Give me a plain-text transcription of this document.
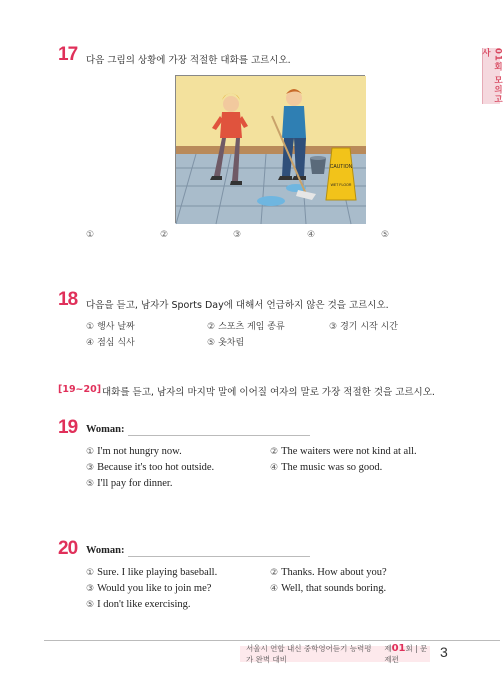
01회 모의고사
17 다음 그림의 상황에 가장 적절한 대화를 고르시오.
CAUTION
WET FLOOR
①	②	③	④	⑤
18 다음을 듣고, 남자가 Sports Day에 대해서 언급하지 않은 것을 고르시오.
① 행사 날짜	② 스포츠 게임 종류	③ 경기 시작 시간
④ 점심 식사	⑤ 옷차림
[19~20] 대화를 듣고, 남자의 마지막 말에 이어질 여자의 말로 가장 적절한 것을 고르시오.
19 Woman:
① I'm not hungry now.	② The waiters were not kind at all.
③ Because it's too hot outside.	④ The music was so good.
⑤ I'll pay for dinner.
20 Woman:
① Sure. I like playing baseball.	② Thanks. How about you?
③ Would you like to join me?	④ Well, that sounds boring.
⑤ I don't like exercising.
서울시 연합 내신 중학영어듣기 능력평가 완벽 대비
제01회 | 문제편	3
